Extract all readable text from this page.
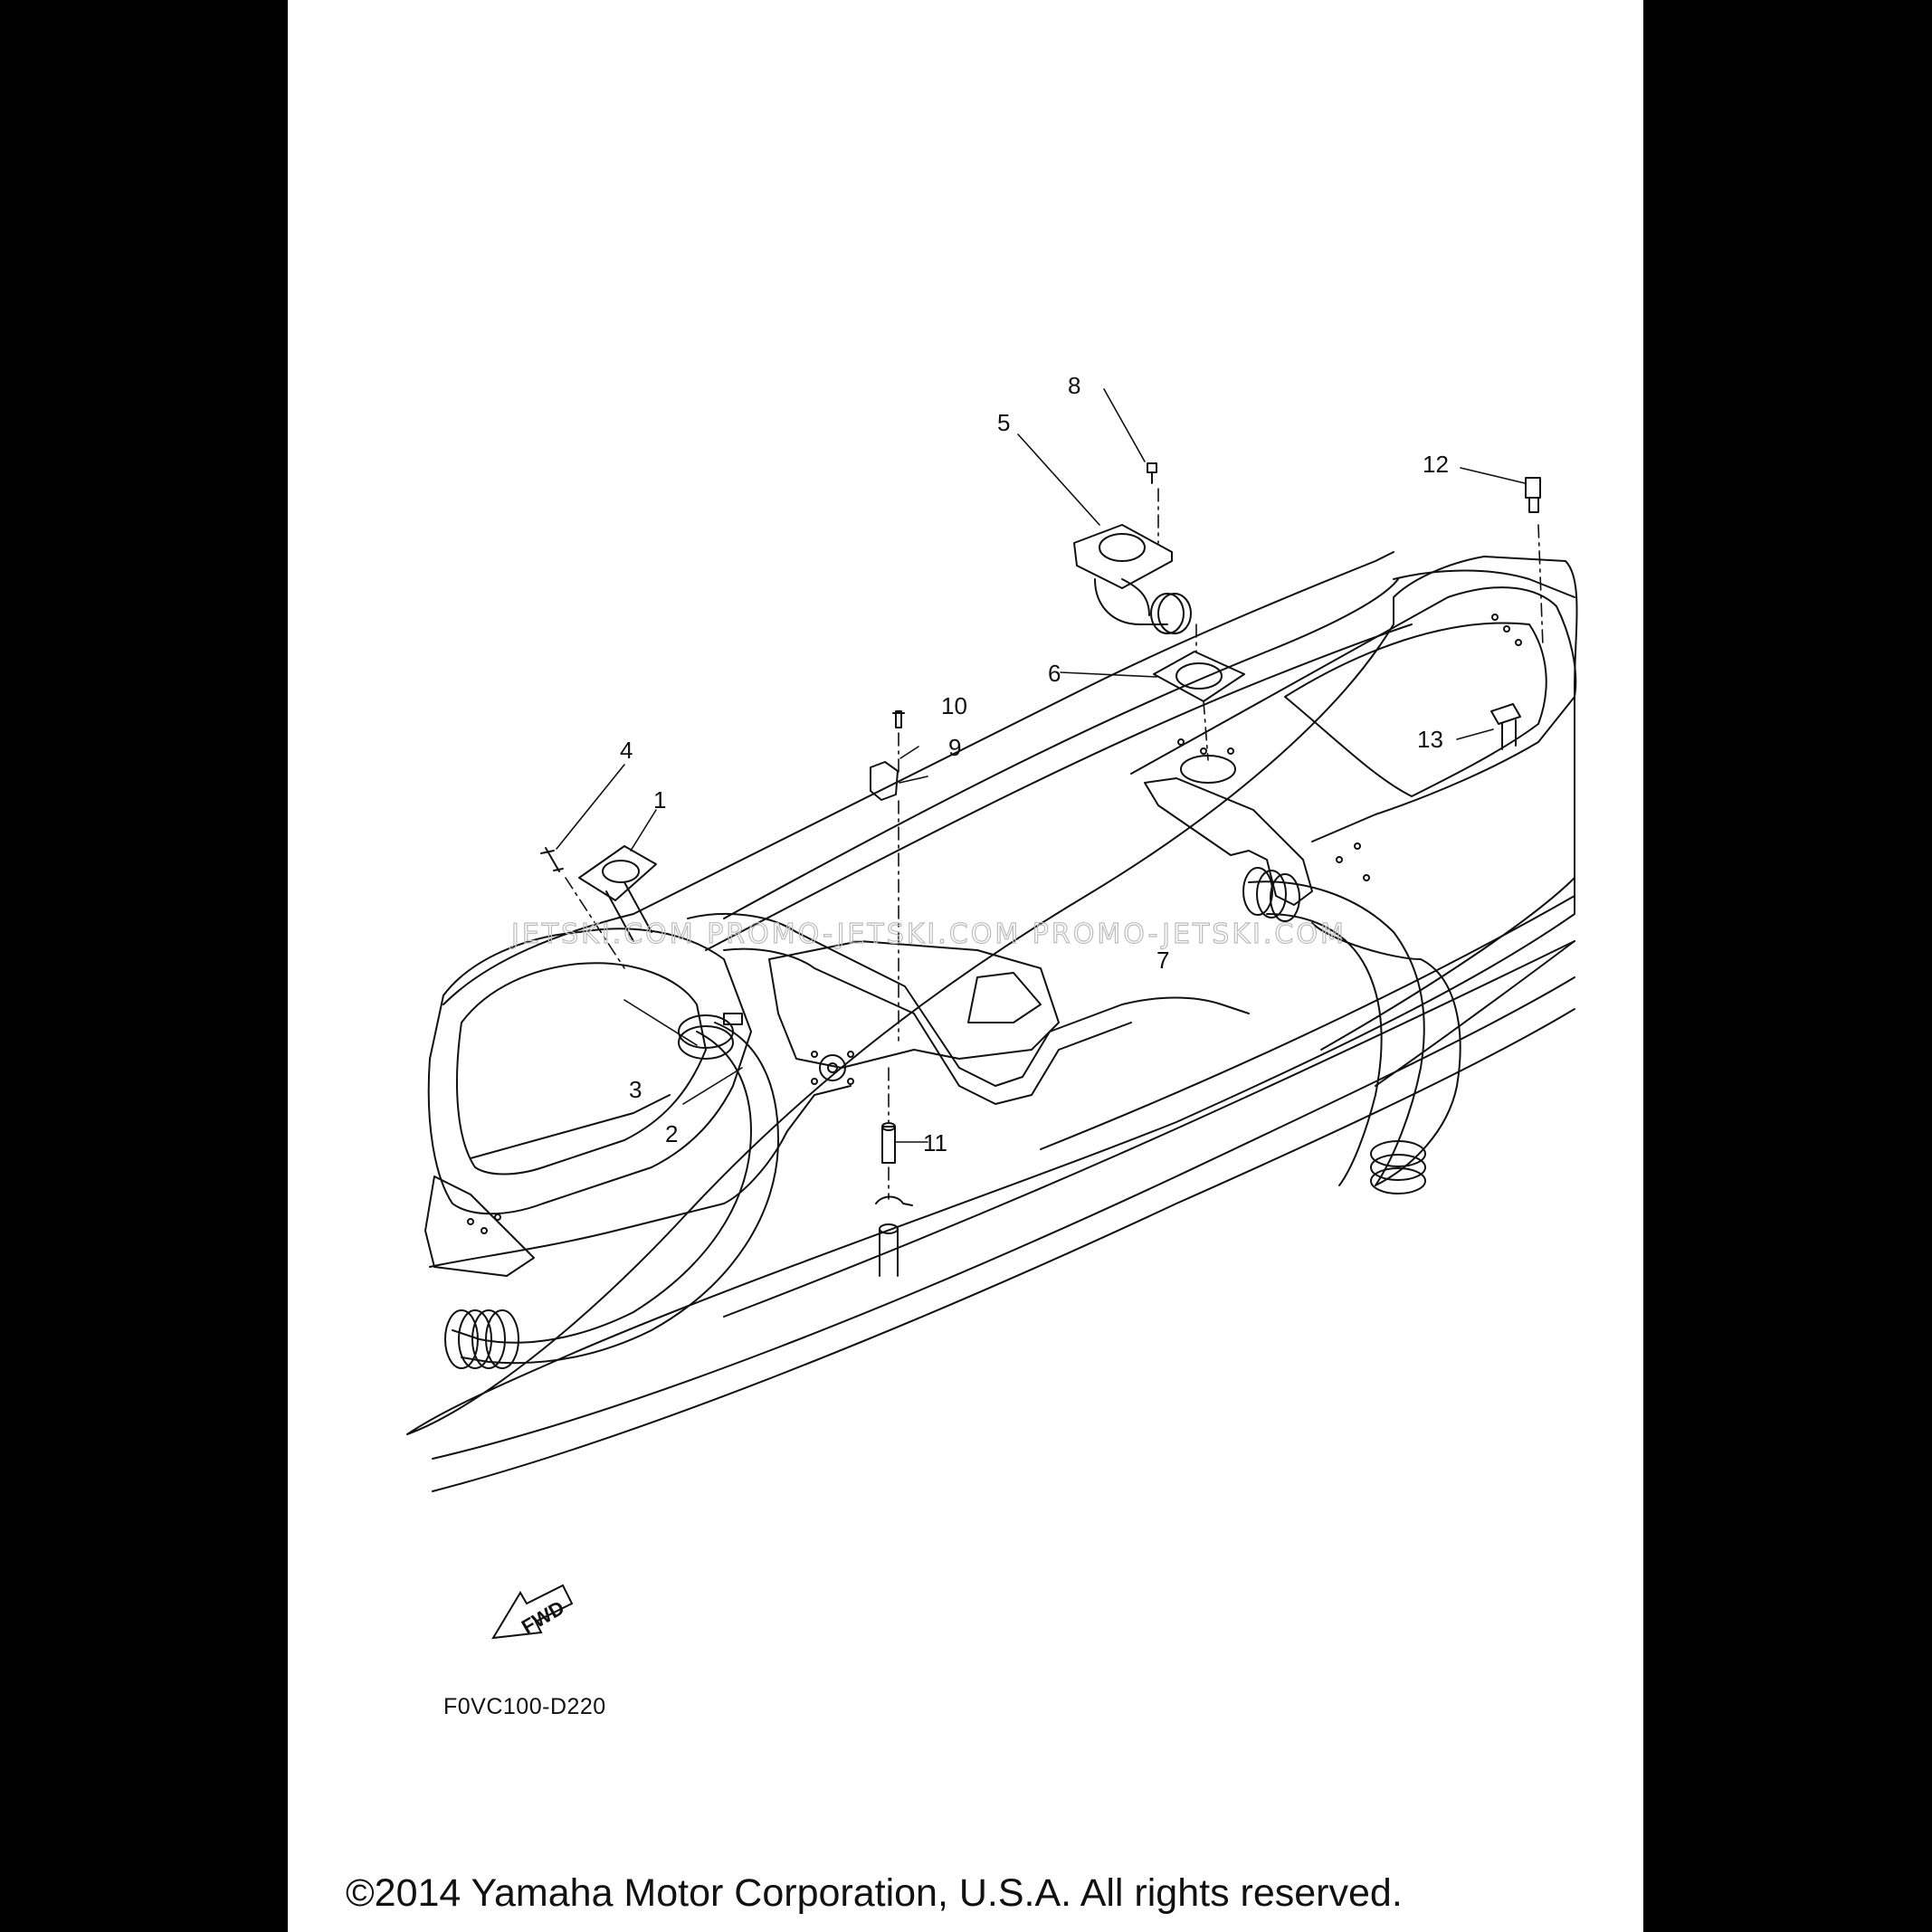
JETSKI.COM PROMO-JETSKI.COM PROMO-JETSKI.COM
1
2
3
4
5
6
7
8
9
10
11
12
13
FWD
F0VC100-D220
©2014 Yamaha Motor Corporation, U.S.A. All rights reserved.
